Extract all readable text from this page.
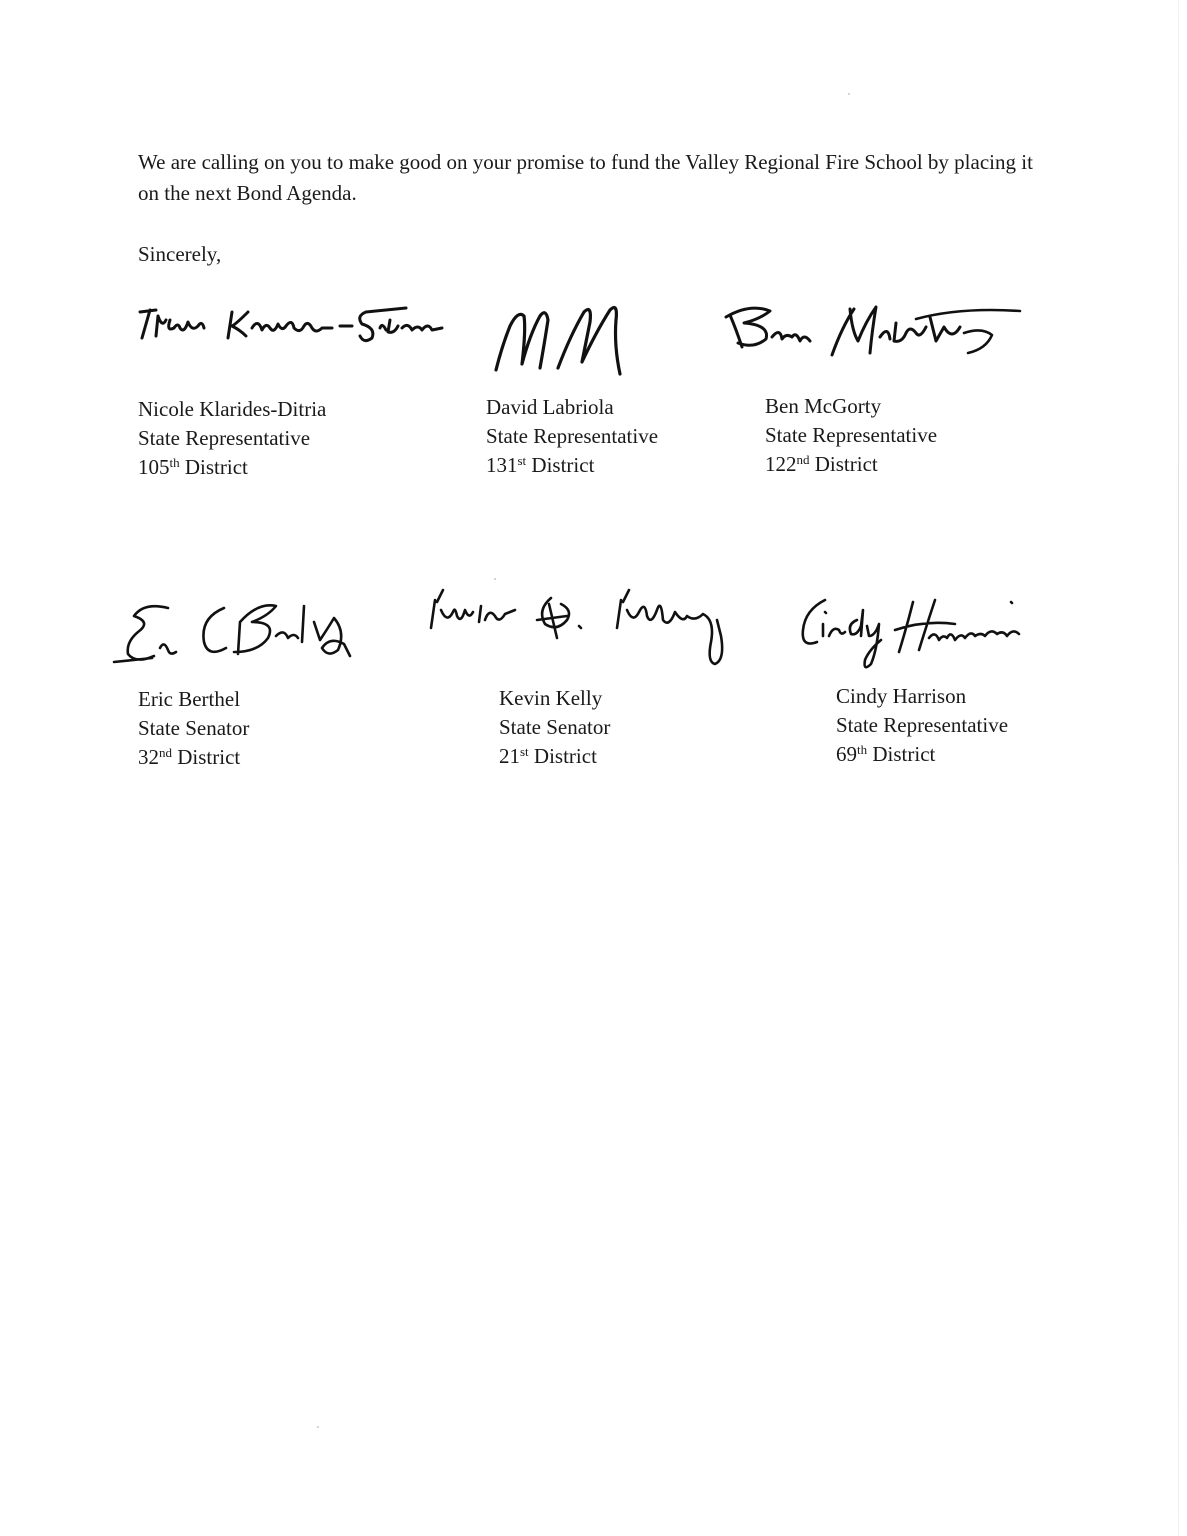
We are calling on you to make good on your promise to fund the Valley Regional Fire School by placing it on the next Bond Agenda.

Sincerely,

Nicole Klarides-Ditria
State Representative
105th District
David Labriola
State Representative
131st District
Ben McGorty
State Representative
122nd District
Eric Berthel
State Senator
32nd District
Kevin Kelly
State Senator
21st District
Cindy Harrison
State Representative
69th District
